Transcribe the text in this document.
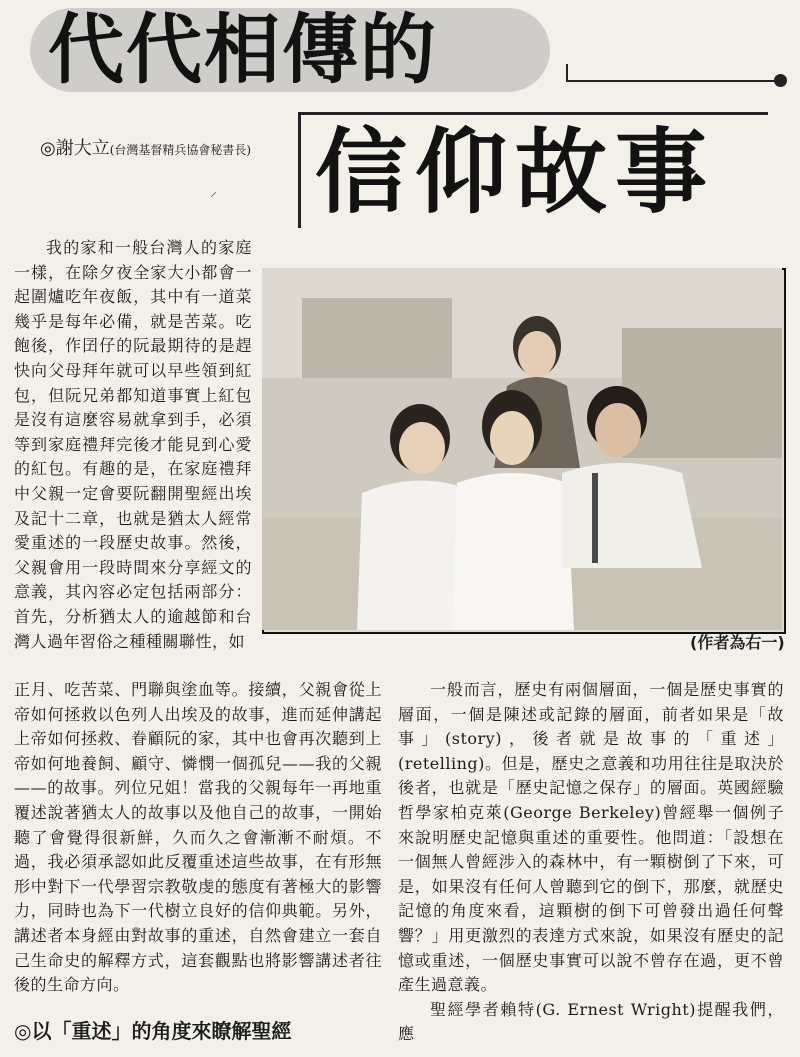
代代相傳的
信仰故事
◎謝大立(台灣基督精兵協會秘書長)
⸝

我的家和一般台灣人的家庭一樣，在除夕夜全家大小都會一起圍爐吃年夜飯，其中有一道菜幾乎是每年必備，就是苦菜。吃飽後，作囝仔的阮最期待的是趕快向父母拜年就可以早些領到紅包，但阮兄弟都知道事實上紅包是沒有這麼容易就拿到手，必須等到家庭禮拜完後才能見到心愛的紅包。有趣的是，在家庭禮拜中父親一定會要阮翻開聖經出埃及記十二章，也就是猶太人經常愛重述的一段歷史故事。然後，父親會用一段時間來分享經文的意義，其內容必定包括兩部分：首先，分析猶太人的逾越節和台灣人過年習俗之種種關聯性，如	(作者為右一)

正月、吃苦菜、門聯與塗血等。接續，父親會從上帝如何拯救以色列人出埃及的故事，進而延伸講起上帝如何拯救、眷顧阮的家，其中也會再次聽到上帝如何地養飼、顧守、憐憫一個孤兒——我的父親——的故事。列位兄姐！當我的父親每年一再地重覆述說著猶太人的故事以及他自己的故事，一開始聽了會覺得很新鮮，久而久之會漸漸不耐煩。不過，我必須承認如此反覆重述這些故事，在有形無形中對下一代學習宗教敬虔的態度有著極大的影響力，同時也為下一代樹立良好的信仰典範。另外，講述者本身經由對故事的重述，自然會建立一套自己生命史的解釋方式，這套觀點也將影響講述者往後的生命方向。

◎以「重述」的角度來瞭解聖經

一般而言，歷史有兩個層面，一個是歷史事實的層面，一個是陳述或記錄的層面，前者如果是「故事」(story)，後者就是故事的「重述」(retelling)。但是，歷史之意義和功用往往是取決於後者，也就是「歷史記憶之保存」的層面。英國經驗哲學家柏克萊(George Berkeley)曾經舉一個例子來說明歷史記憶與重述的重要性。他問道：「設想在一個無人曾經涉入的森林中，有一顆樹倒了下來，可是，如果沒有任何人曾聽到它的倒下，那麼，就歷史記憶的角度來看，這顆樹的倒下可曾發出過任何聲響？」用更激烈的表達方式來說，如果沒有歷史的記憶或重述，一個歷史事實可以說不曾存在過，更不曾產生過意義。

聖經學者賴特(G. Ernest Wright)提醒我們，應
